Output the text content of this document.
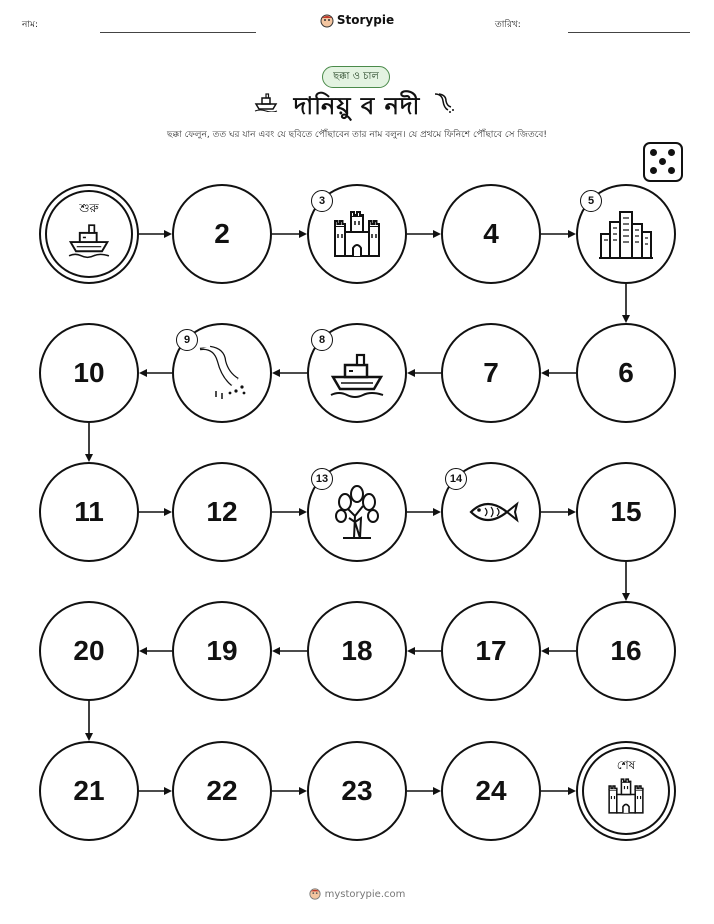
নাম:	Storypie	তারিখ:
ছক্কা ও চাল
দানিয়ু ব নদী
ছক্কা ফেলুন, তত ঘর যান এবং যে ছবিতে পৌঁছাবেন তার নাম বলুন। যে প্রথমে ফিনিশে পৌঁছাবে সে জিতবে!
শুরু
2
3
4
5
6
7
8
9
10
11	12
13	14
15
16
17
18
19
20
21	22	23	24
শেষ
mystorypie.com
